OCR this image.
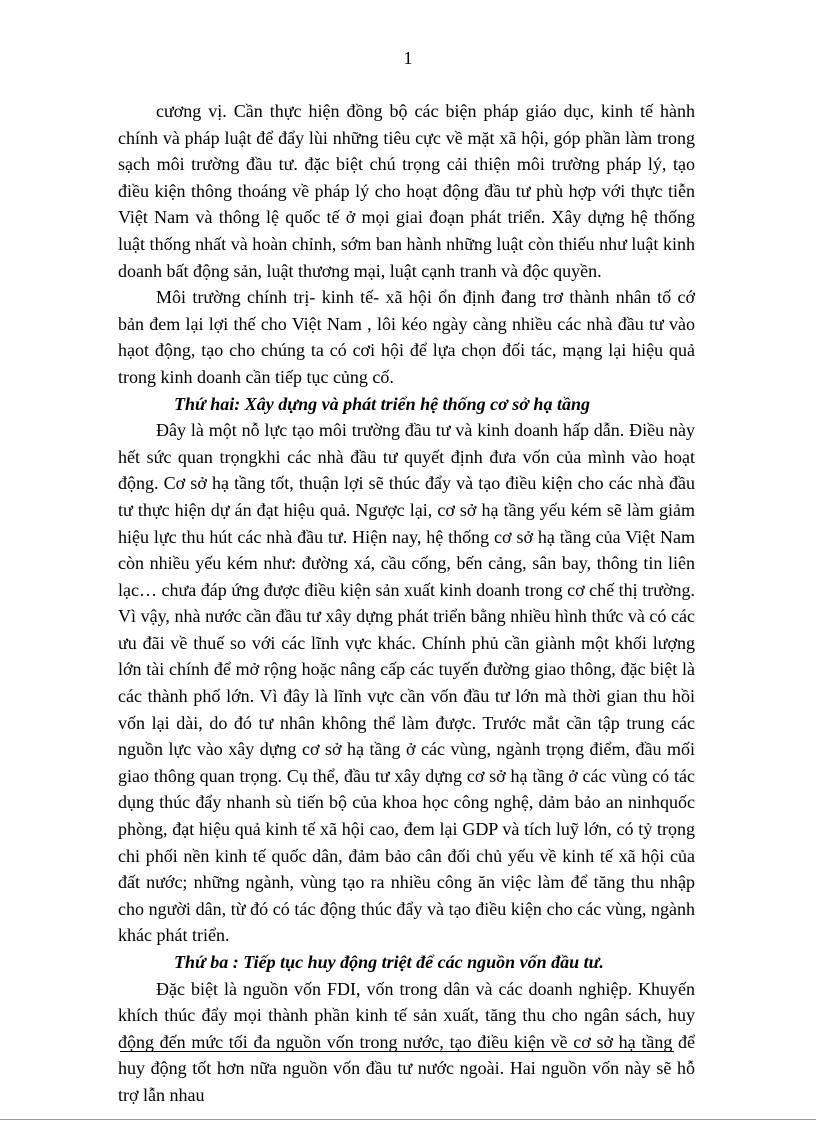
1

cương vị. Cần thực hiện đồng bộ các biện pháp giáo dục, kinh tế hành chính và pháp luật để đẩy lùi những tiêu cực về mặt xã hội, góp phần làm trong sạch môi trường đầu tư. đặc biệt chú trọng cải thiện môi trường pháp lý, tạo điều kiện thông thoáng về pháp lý cho hoạt động đầu tư phù hợp với thực tiễn Việt Nam và thông lệ quốc tế ở mọi giai đoạn phát triển. Xây dựng hệ thống luật thống nhất và hoàn chỉnh, sớm ban hành những luật còn thiếu như luật kinh doanh bất động sản, luật thương mại, luật cạnh tranh và độc quyền.

Môi trường chính trị- kinh tế- xã hội ổn định đang trơ thành nhân tố cớ bản đem lại lợi thế cho Việt Nam , lôi kéo ngày càng nhiều các nhà đầu tư vào hạot động, tạo cho chúng ta có cơi hội để lựa chọn đối tác, mạng lại hiệu quả trong kinh doanh cần tiếp tục củng cố.

Thứ hai: Xây dựng và phát triển hệ thống cơ sở hạ tầng

Đây là một nỗ lực tạo môi trường đầu tư và kinh doanh hấp dẫn. Điều này hết sức quan trọngkhi các nhà đầu tư quyết định đưa vốn của mình vào hoạt động. Cơ sở hạ tầng tốt, thuận lợi sẽ thúc đẩy và tạo điều kiện cho các nhà đầu tư thực hiện dự án đạt hiệu quả. Ngược lại, cơ sở hạ tầng yếu kém sẽ làm giảm hiệu lực thu hút các nhà đầu tư. Hiện nay, hệ thống cơ sở hạ tầng của Việt Nam còn nhiều yếu kém như: đường xá, cầu cống, bến cảng, sân bay, thông tin liên lạc… chưa đáp ứng được điều kiện sản xuất kinh doanh trong cơ chế thị trường. Vì vậy, nhà nước cần đầu tư xây dựng phát triển bằng nhiều hình thức và có các ưu đãi về thuế so với các lĩnh vực khác. Chính phủ cần giành một khối lượng lớn tài chính để mở rộng hoặc nâng cấp các tuyến đường giao thông, đặc biệt là các thành phố lớn. Vì đây là lĩnh vực cần vốn đầu tư lớn mà thời gian thu hồi vốn lại dài, do đó tư nhân không thể làm được. Trước mắt cần tập trung các nguồn lực vào xây dựng cơ sở hạ tầng ở các vùng, ngành trọng điểm, đầu mối giao thông quan trọng. Cụ thể, đầu tư xây dựng cơ sở hạ tầng ở các vùng có tác dụng thúc đẩy nhanh sù tiến bộ của khoa học công nghệ, dảm bảo an ninhquốc phòng, đạt hiệu quả kinh tế xã hội cao, đem lại GDP và tích luỹ lớn, có tỷ trọng chi phối nền kinh tế quốc dân, đảm bảo cân đối chủ yếu về kinh tế xã hội của đất nước; những ngành, vùng tạo ra nhiều công ăn việc làm để tăng thu nhập cho người dân, từ đó có tác động thúc đẩy và tạo điều kiện cho các vùng, ngành khác phát triển.

Thứ ba : Tiếp tục huy động triệt để các nguồn vốn đầu tư.

Đặc biệt là nguồn vốn FDI, vốn trong dân và các doanh nghiệp. Khuyến khích thúc đẩy mọi thành phần kinh tế sản xuất, tăng thu cho ngân sách, huy động đến mức tối đa nguồn vốn trong nước, tạo điều kiện về cơ sở hạ tầng để huy động tốt hơn nữa nguồn vốn đầu tư nước ngoài. Hai nguồn vốn này sẽ hỗ trợ lẫn nhau
